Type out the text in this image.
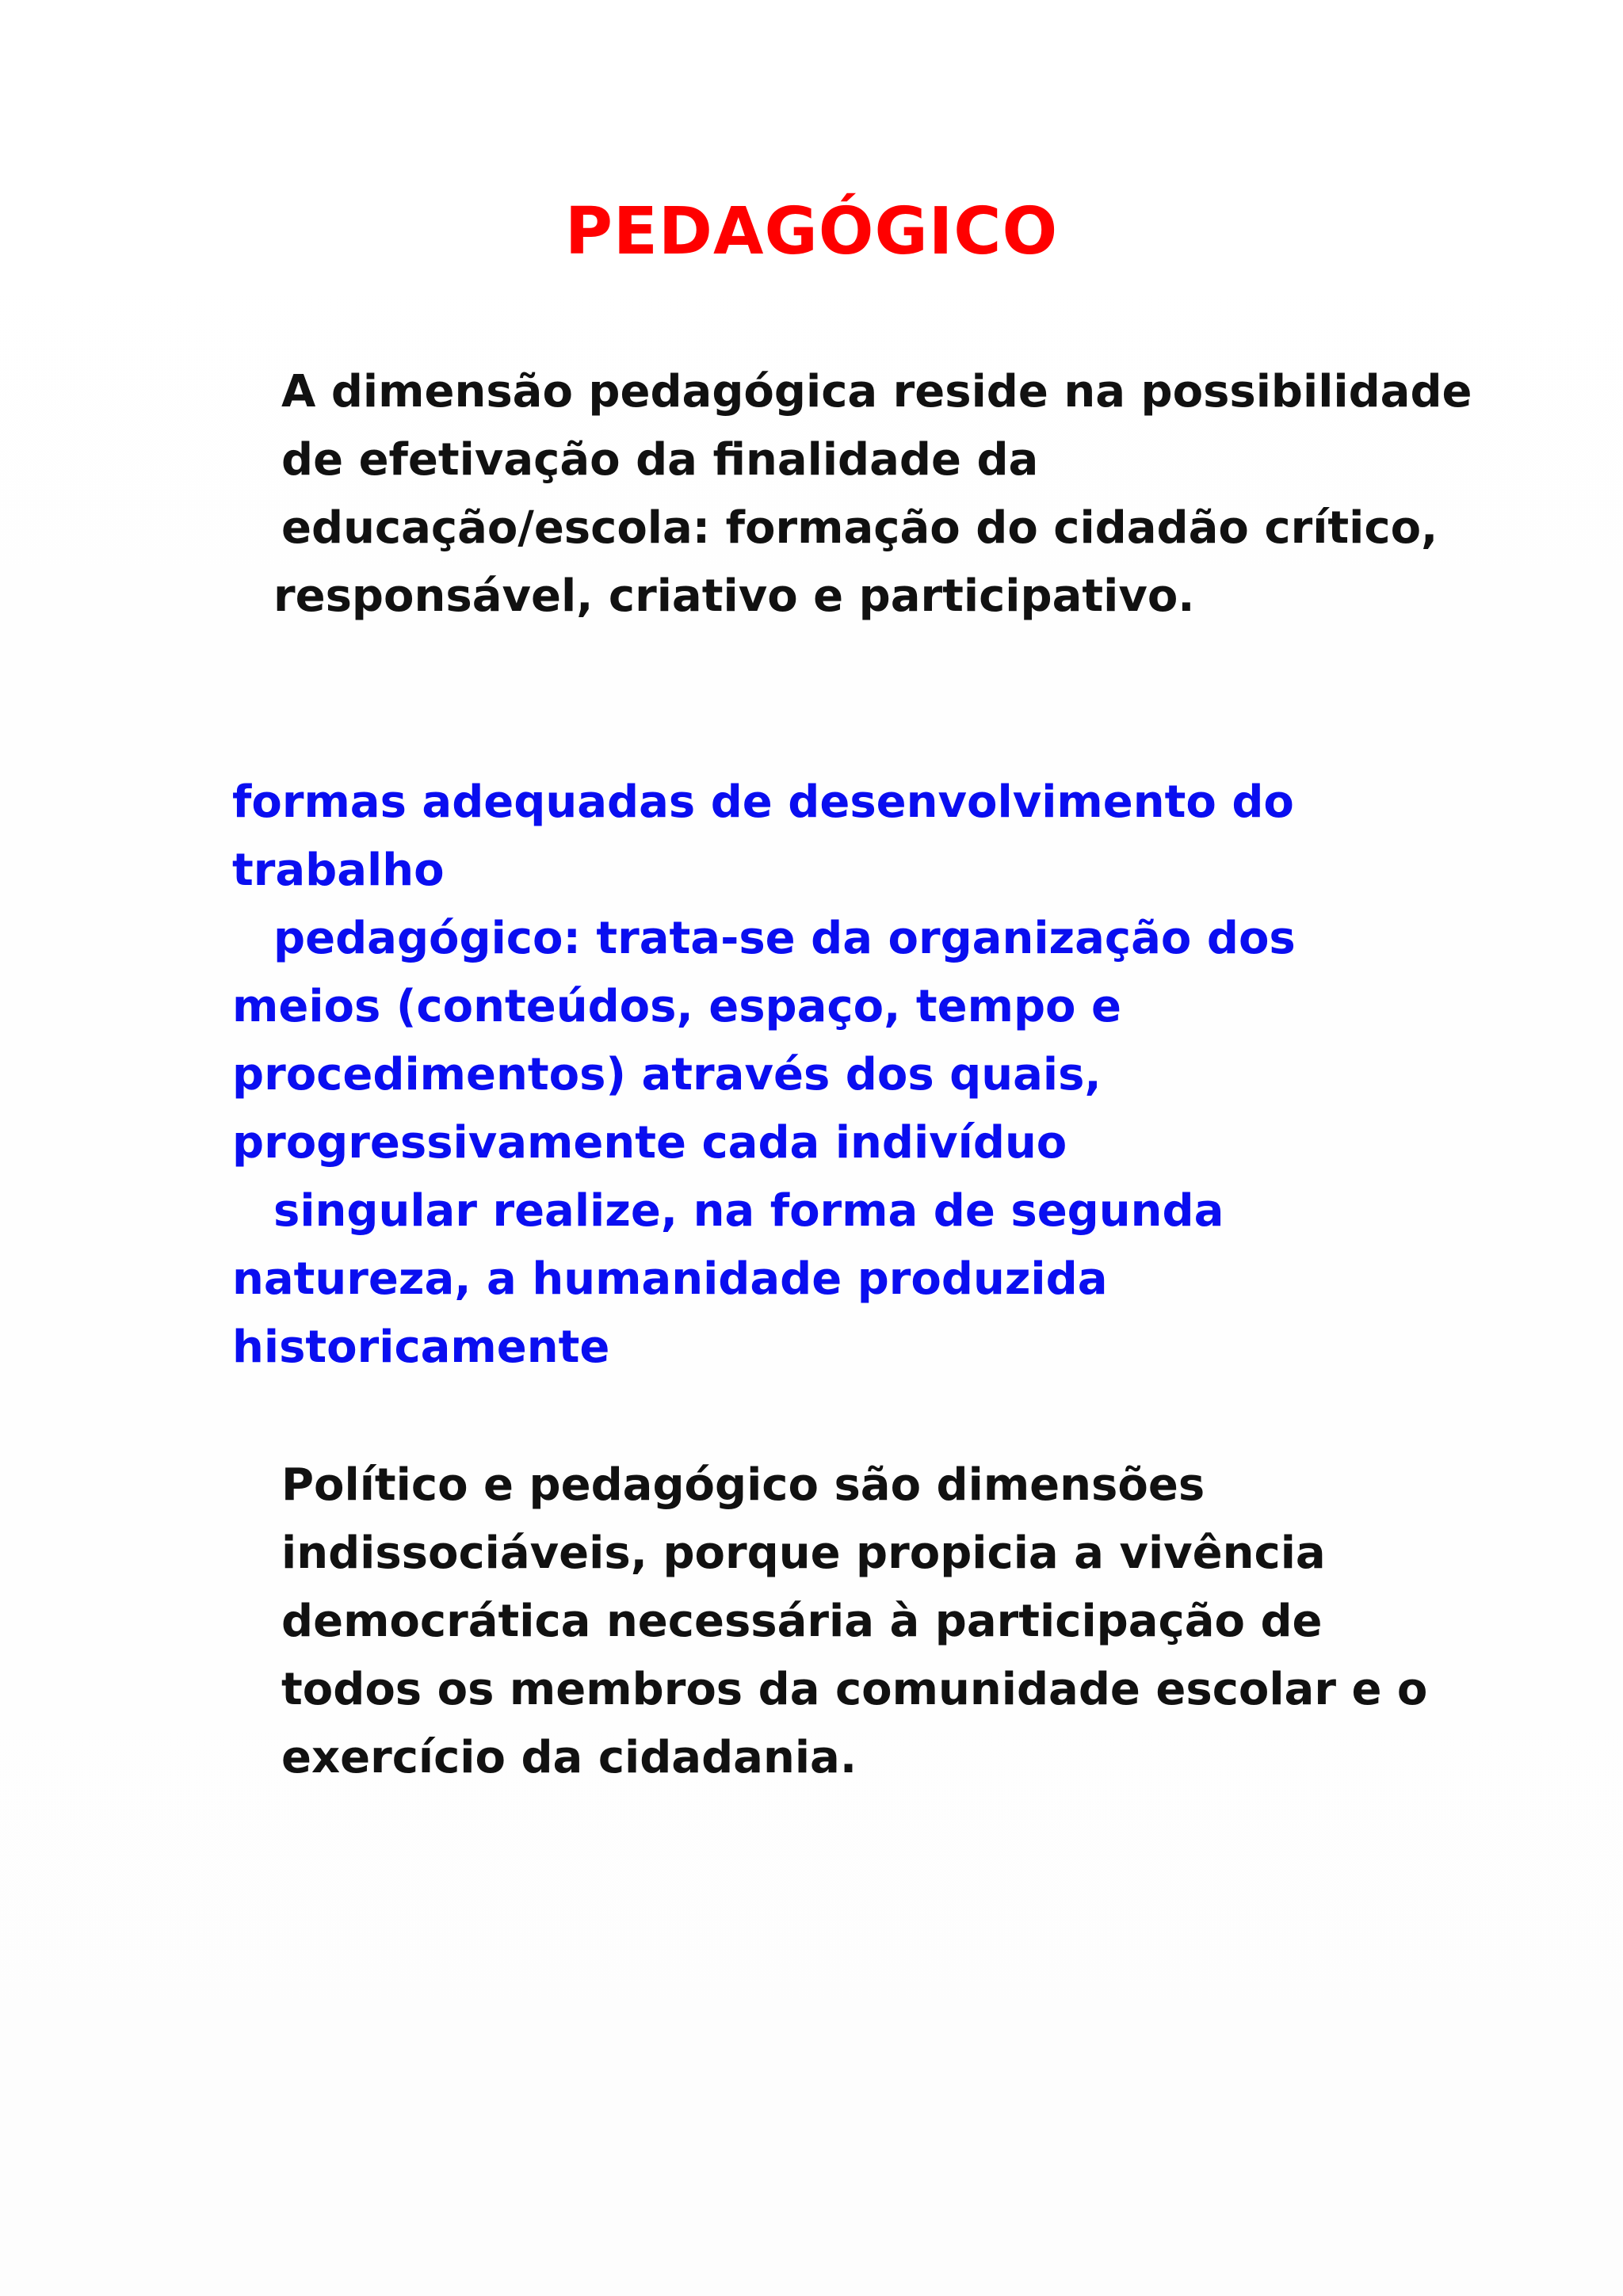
PEDAGÓGICO
A dimensão pedagógica reside na possibilidade
de efetivação da finalidade da
educação/escola: formação do cidadão crítico,
responsável, criativo e participativo.
formas adequadas de desenvolvimento do
trabalho
pedagógico: trata-se da organização dos
meios (conteúdos, espaço, tempo e
procedimentos) através dos quais,
progressivamente cada indivíduo
singular realize, na forma de segunda
natureza, a humanidade produzida
historicamente
Político e pedagógico são dimensões
indissociáveis, porque propicia a vivência
democrática necessária à participação de
todos os membros da comunidade escolar e o
exercício da cidadania.
